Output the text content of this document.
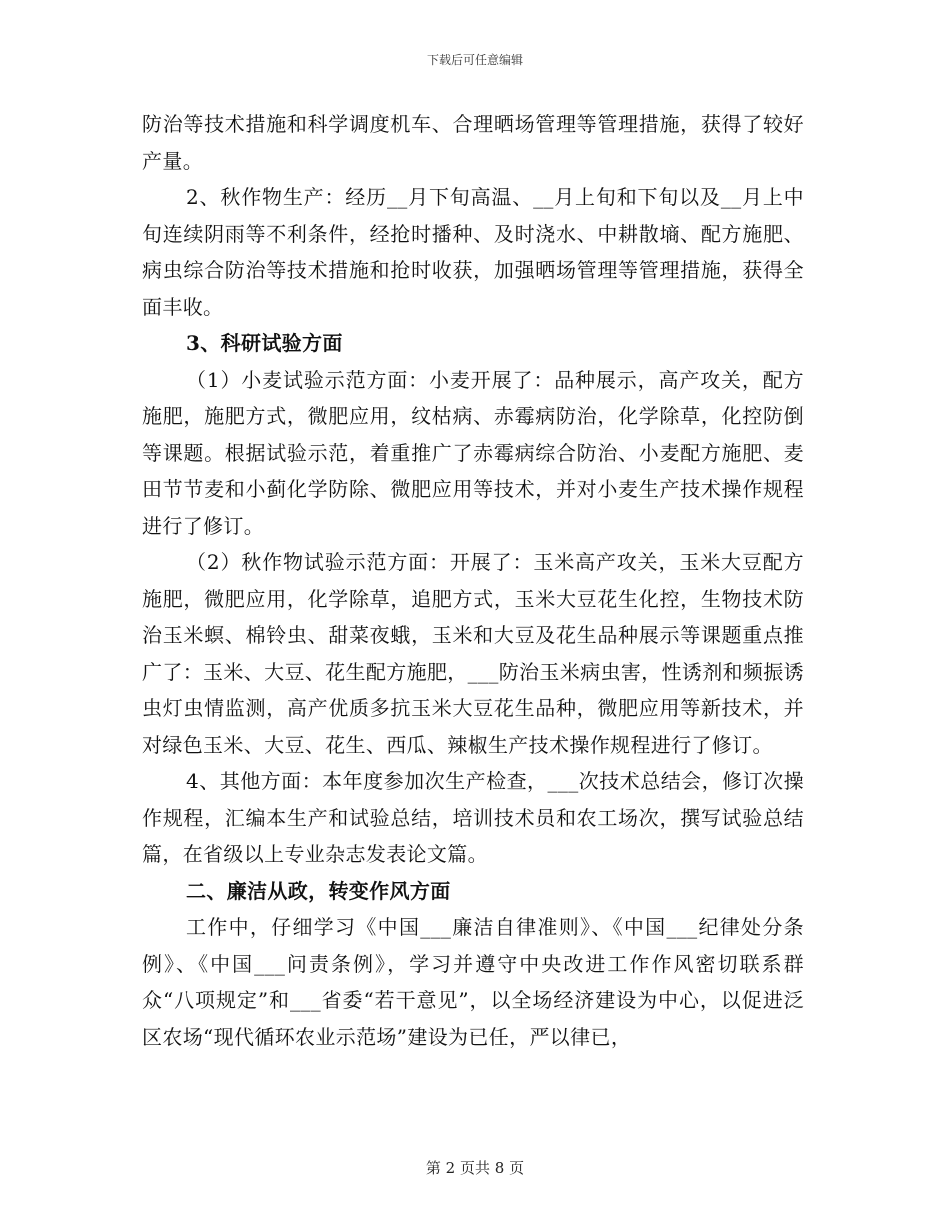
下载后可任意编辑

防治等技术措施和科学调度机车、合理晒场管理等管理措施，获得了较好产量。

2、秋作物生产：经历__月下旬高温、__月上旬和下旬以及__月上中旬连续阴雨等不利条件，经抢时播种、及时浇水、中耕散墒、配方施肥、病虫综合防治等技术措施和抢时收获，加强晒场管理等管理措施，获得全面丰收。

3、科研试验方面

（1）小麦试验示范方面：小麦开展了：品种展示，高产攻关，配方施肥，施肥方式，微肥应用，纹枯病、赤霉病防治，化学除草，化控防倒等课题。根据试验示范，着重推广了赤霉病综合防治、小麦配方施肥、麦田节节麦和小蓟化学防除、微肥应用等技术，并对小麦生产技术操作规程进行了修订。

（2）秋作物试验示范方面：开展了：玉米高产攻关，玉米大豆配方施肥，微肥应用，化学除草，追肥方式，玉米大豆花生化控，生物技术防治玉米螟、棉铃虫、甜菜夜蛾，玉米和大豆及花生品种展示等课题重点推广了：玉米、大豆、花生配方施肥，___防治玉米病虫害，性诱剂和频振诱虫灯虫情监测，高产优质多抗玉米大豆花生品种，微肥应用等新技术，并对绿色玉米、大豆、花生、西瓜、辣椒生产技术操作规程进行了修订。

4、其他方面：本年度参加次生产检查，___次技术总结会，修订次操作规程，汇编本生产和试验总结，培训技术员和农工场次，撰写试验总结篇，在省级以上专业杂志发表论文篇。

二、廉洁从政，转变作风方面

工作中，仔细学习《中国___廉洁自律准则》、《中国___纪律处分条例》、《中国___问责条例》，学习并遵守中央改进工作作风密切联系群众“八项规定”和___省委“若干意见”，以全场经济建设为中心，以促进泛区农场“现代循环农业示范场”建设为已任，严以律已，

第 2 页共 8 页
